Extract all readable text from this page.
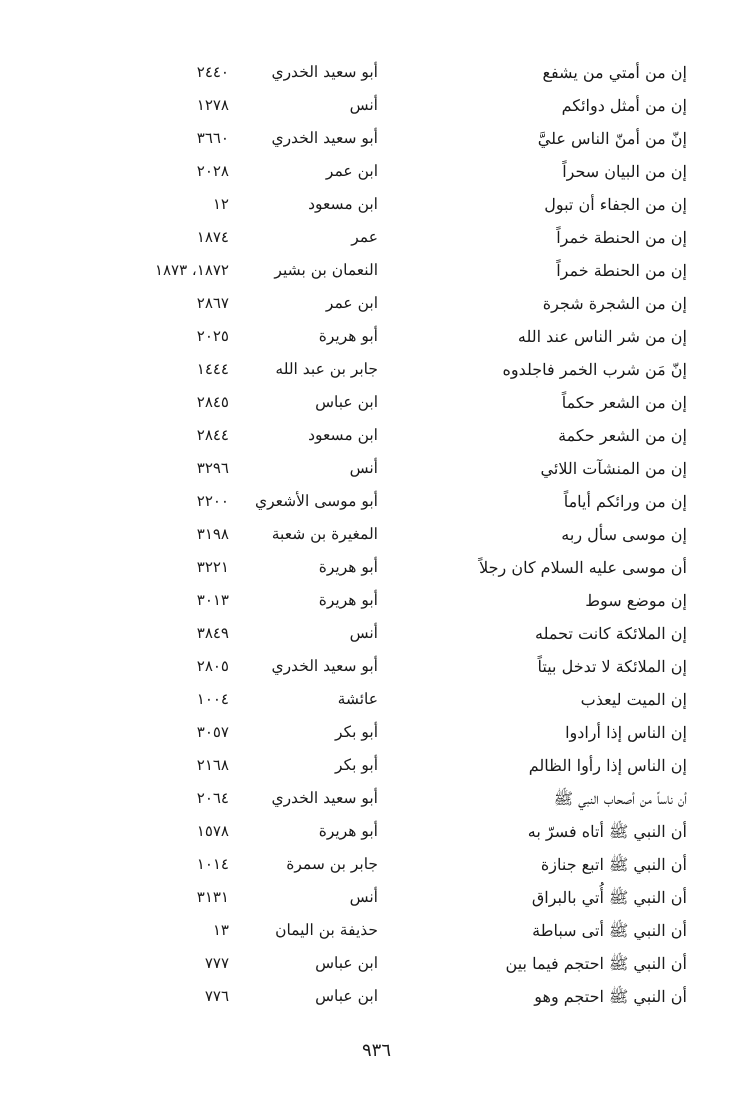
إن من أمتي من يشفع
أبو سعيد الخدري
٢٤٤٠
إن من أمثل دوائكم
أنس
١٢٧٨
إنّ من أمنّ الناس عليَّ
أبو سعيد الخدري
٣٦٦٠
إن من البيان سحراً
ابن عمر
٢٠٢٨
إن من الجفاء أن تبول
ابن مسعود
١٢
إن من الحنطة خمراً
عمر
١٨٧٤
إن من الحنطة خمراً
النعمان بن بشير
١٨٧٢، ١٨٧٣
إن من الشجرة شجرة
ابن عمر
٢٨٦٧
إن من شر الناس عند الله
أبو هريرة
٢٠٢٥
إنّ مَن شرب الخمر فاجلدوه
جابر بن عبد الله
١٤٤٤
إن من الشعر حكماً
ابن عباس
٢٨٤٥
إن من الشعر حكمة
ابن مسعود
٢٨٤٤
إن من المنشآت اللائي
أنس
٣٢٩٦
إن من ورائكم أياماً
أبو موسى الأشعري
٢٢٠٠
إن موسى سأل ربه
المغيرة بن شعبة
٣١٩٨
أن موسى عليه السلام كان رجلاً
أبو هريرة
٣٢٢١
إن موضع سوط
أبو هريرة
٣٠١٣
إن الملائكة كانت تحمله
أنس
٣٨٤٩
إن الملائكة لا تدخل بيتاً
أبو سعيد الخدري
٢٨٠٥
إن الميت ليعذب
عائشة
١٠٠٤
إن الناس إذا أرادوا
أبو بكر
٣٠٥٧
إن الناس إذا رأوا الظالم
أبو بكر
٢١٦٨
أن ناساً من أصحاب النبي ﷺ
أبو سعيد الخدري
٢٠٦٤
أن النبي ﷺ أتاه فسرّ به
أبو هريرة
١٥٧٨
أن النبي ﷺ اتبع جنازة
جابر بن سمرة
١٠١٤
أن النبي ﷺ أُتي بالبراق
أنس
٣١٣١
أن النبي ﷺ أتى سباطة
حذيفة بن اليمان
١٣
أن النبي ﷺ احتجم فيما بين
ابن عباس
٧٧٧
أن النبي ﷺ احتجم وهو
ابن عباس
٧٧٦
٩٣٦
